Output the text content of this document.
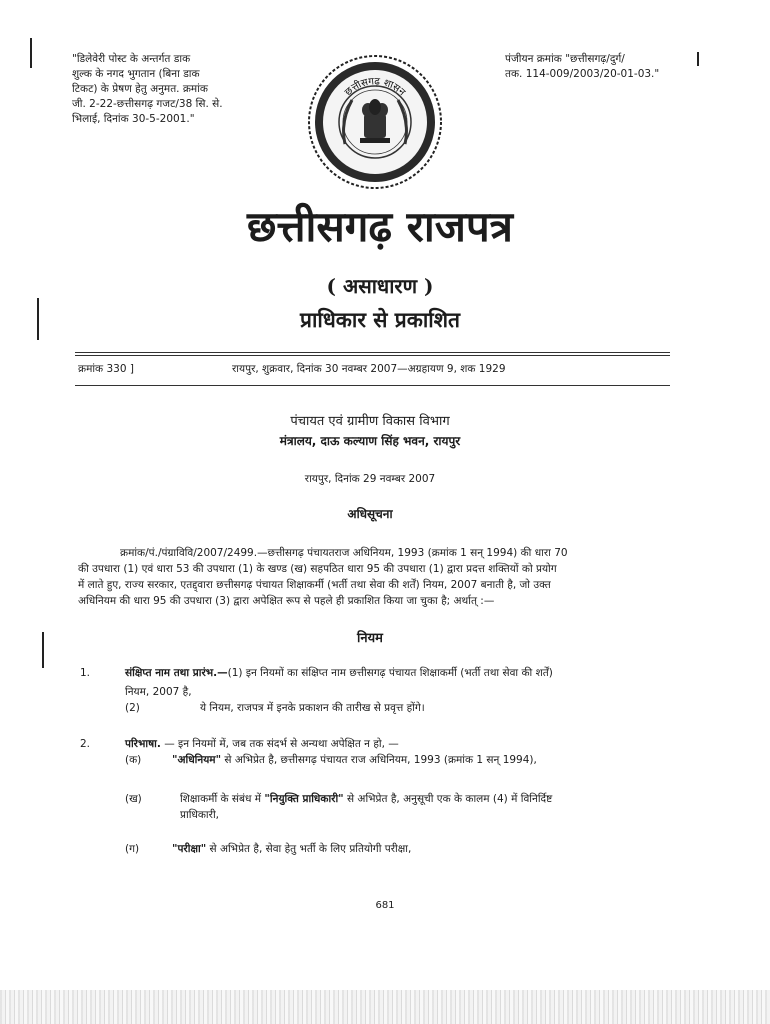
"डिलेवेरी पोस्ट के अन्तर्गत डाक
शुल्क के नगद भुगतान (बिना डाक
टिकट) के प्रेषण हेतु अनुमत. क्रमांक
जी. 2-22-छत्तीसगढ़ गजट/38 सि. से.
भिलाई, दिनांक 30-5-2001."
पंजीयन क्रमांक "छत्तीसगढ़/दुर्ग/
तक. 114-009/2003/20-01-03."
छत्तीसगढ़ शासन
छत्तीसगढ़ राजपत्र
( असाधारण )
प्राधिकार से प्रकाशित
क्रमांक 330 ]	रायपुर, शुक्रवार, दिनांक 30 नवम्बर 2007—अग्रहायण 9, शक 1929
पंचायत एवं ग्रामीण विकास विभाग
मंत्रालय, दाऊ कल्याण सिंह भवन, रायपुर
रायपुर, दिनांक 29 नवम्बर 2007
अधिसूचना
क्रमांक/पं./पंग्राविवि/2007/2499.—छत्तीसगढ़ पंचायतराज अधिनियम, 1993 (क्रमांक 1 सन् 1994) की धारा 70
की उपधारा (1) एवं धारा 53 की उपधारा (1) के खण्ड (ख) सहपठित धारा 95 की उपधारा (1) द्वारा प्रदत्त शक्तियों को प्रयोग
में लाते हुए, राज्य सरकार, एतद्द्वारा छत्तीसगढ़ पंचायत शिक्षाकर्मी (भर्ती तथा सेवा की शर्तें) नियम, 2007 बनाती है, जो उक्त
अधिनियम की धारा 95 की उपधारा (3) द्वारा अपेक्षित रूप से पहले ही प्रकाशित किया जा चुका है; अर्थात् :—
नियम
1.	संक्षिप्त नाम तथा प्रारंभ.—(1) इन नियमों का संक्षिप्त नाम छत्तीसगढ़ पंचायत शिक्षाकर्मी (भर्ती तथा सेवा की शर्तें)
नियम, 2007 है,
(2)	ये नियम, राजपत्र में इनके प्रकाशन की तारीख से प्रवृत्त होंगे।
2.	परिभाषा. — इन नियमों में, जब तक संदर्भ से अन्यथा अपेक्षित न हो, —
(क)	"अधिनियम" से अभिप्रेत है, छत्तीसगढ़ पंचायत राज अधिनियम, 1993 (क्रमांक 1 सन् 1994),
(ख)	शिक्षाकर्मी के संबंध में "नियुक्ति प्राधिकारी" से अभिप्रेत है, अनुसूची एक के कालम (4) में विनिर्दिष्ट
प्राधिकारी,
(ग)	"परीक्षा" से अभिप्रेत है, सेवा हेतु भर्ती के लिए प्रतियोगी परीक्षा,
681
